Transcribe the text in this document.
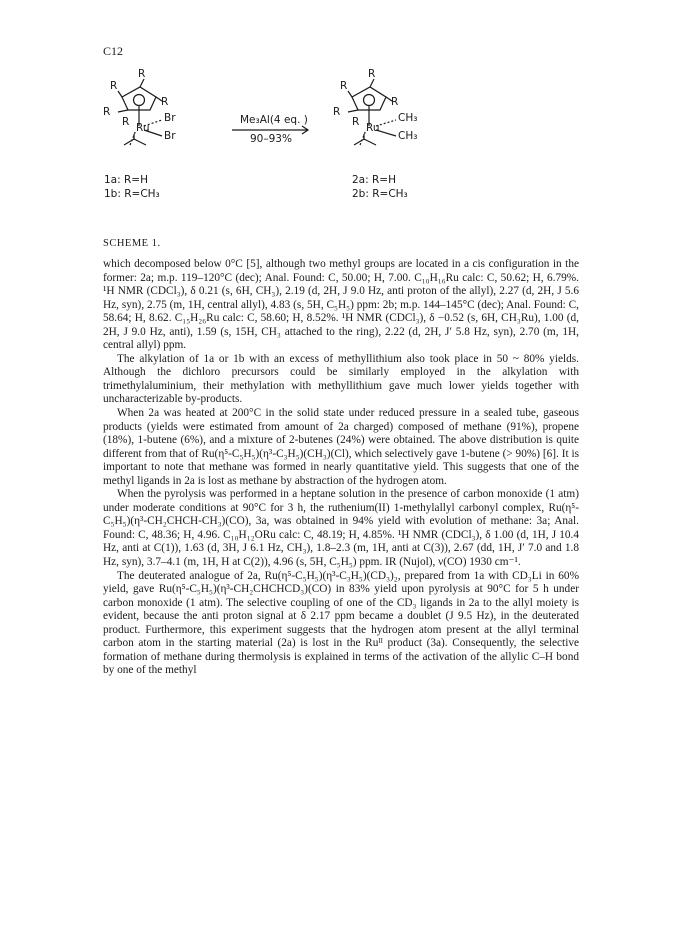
C12
R
R
R
R
R Ru
Br
Br
Me₃Al(4 eq. )
90–93%
R
R
R
R
R Ru
CH₃
CH₃
1a: R=H
1b: R=CH₃
2a: R=H
2b: R=CH₃
SCHEME 1.

which decomposed below 0°C [5], although two methyl groups are located in a cis configuration in the former: 2a; m.p. 119–120°C (dec); Anal. Found: C, 50.00; H, 7.00. C₁₀H₁₆Ru calc: C, 50.62; H, 6.79%. ¹H NMR (CDCl₃), δ 0.21 (s, 6H, CH₃), 2.19 (d, 2H, J 9.0 Hz, anti proton of the allyl), 2.27 (d, 2H, J 5.6 Hz, syn), 2.75 (m, 1H, central allyl), 4.83 (s, 5H, C₅H₅) ppm: 2b; m.p. 144–145°C (dec); Anal. Found: C, 58.64; H, 8.62. C₁₅H₂₆Ru calc: C, 58.60; H, 8.52%. ¹H NMR (CDCl₃), δ −0.52 (s, 6H, CH₃Ru), 1.00 (d, 2H, J 9.0 Hz, anti), 1.59 (s, 15H, CH₃ attached to the ring), 2.22 (d, 2H, J′ 5.8 Hz, syn), 2.70 (m, 1H, central allyl) ppm.

The alkylation of 1a or 1b with an excess of methyllithium also took place in 50 ~ 80% yields. Although the dichloro precursors could be similarly employed in the alkylation with trimethylaluminium, their methylation with methyllithium gave much lower yields together with uncharacterizable by-products.

When 2a was heated at 200°C in the solid state under reduced pressure in a sealed tube, gaseous products (yields were estimated from amount of 2a charged) composed of methane (91%), propene (18%), 1-butene (6%), and a mixture of 2-butenes (24%) were obtained. The above distribution is quite different from that of Ru(η⁵-C₅H₅)(η³-C₃H₅)(CH₃)(Cl), which selectively gave 1-butene (> 90%) [6]. It is important to note that methane was formed in nearly quantitative yield. This suggests that one of the methyl ligands in 2a is lost as methane by abstraction of the hydrogen atom.

When the pyrolysis was performed in a heptane solution in the presence of carbon monoxide (1 atm) under moderate conditions at 90°C for 3 h, the ruthenium(II) 1-methylallyl carbonyl complex, Ru(η⁵-C₅H₅)(η³-CH₂CHCH-CH₃)(CO), 3a, was obtained in 94% yield with evolution of methane: 3a; Anal. Found: C, 48.36; H, 4.96. C₁₀H₁₂ORu calc: C, 48.19; H, 4.85%. ¹H NMR (CDCl₃), δ 1.00 (d, 1H, J 10.4 Hz, anti at C(1)), 1.63 (d, 3H, J 6.1 Hz, CH₃), 1.8–2.3 (m, 1H, anti at C(3)), 2.67 (dd, 1H, J′ 7.0 and 1.8 Hz, syn), 3.7–4.1 (m, 1H, H at C(2)), 4.96 (s, 5H, C₅H₅) ppm. IR (Nujol), ν(CO) 1930 cm⁻¹.

The deuterated analogue of 2a, Ru(η⁵-C₅H₅)(η³-C₃H₅)(CD₃)₂, prepared from 1a with CD₃Li in 60% yield, gave Ru(η⁵-C₅H₅)(η³-CH₂CHCHCD₃)(CO) in 83% yield upon pyrolysis at 90°C for 5 h under carbon monoxide (1 atm). The selective coupling of one of the CD₃ ligands in 2a to the allyl moiety is evident, because the anti proton signal at δ 2.17 ppm became a doublet (J 9.5 Hz), in the deuterated product. Furthermore, this experiment suggests that the hydrogen atom present at the allyl terminal carbon atom in the starting material (2a) is lost in the Ruᴵᴵ product (3a). Consequently, the selective formation of methane during thermolysis is explained in terms of the activation of the allylic C–H bond by one of the methyl
